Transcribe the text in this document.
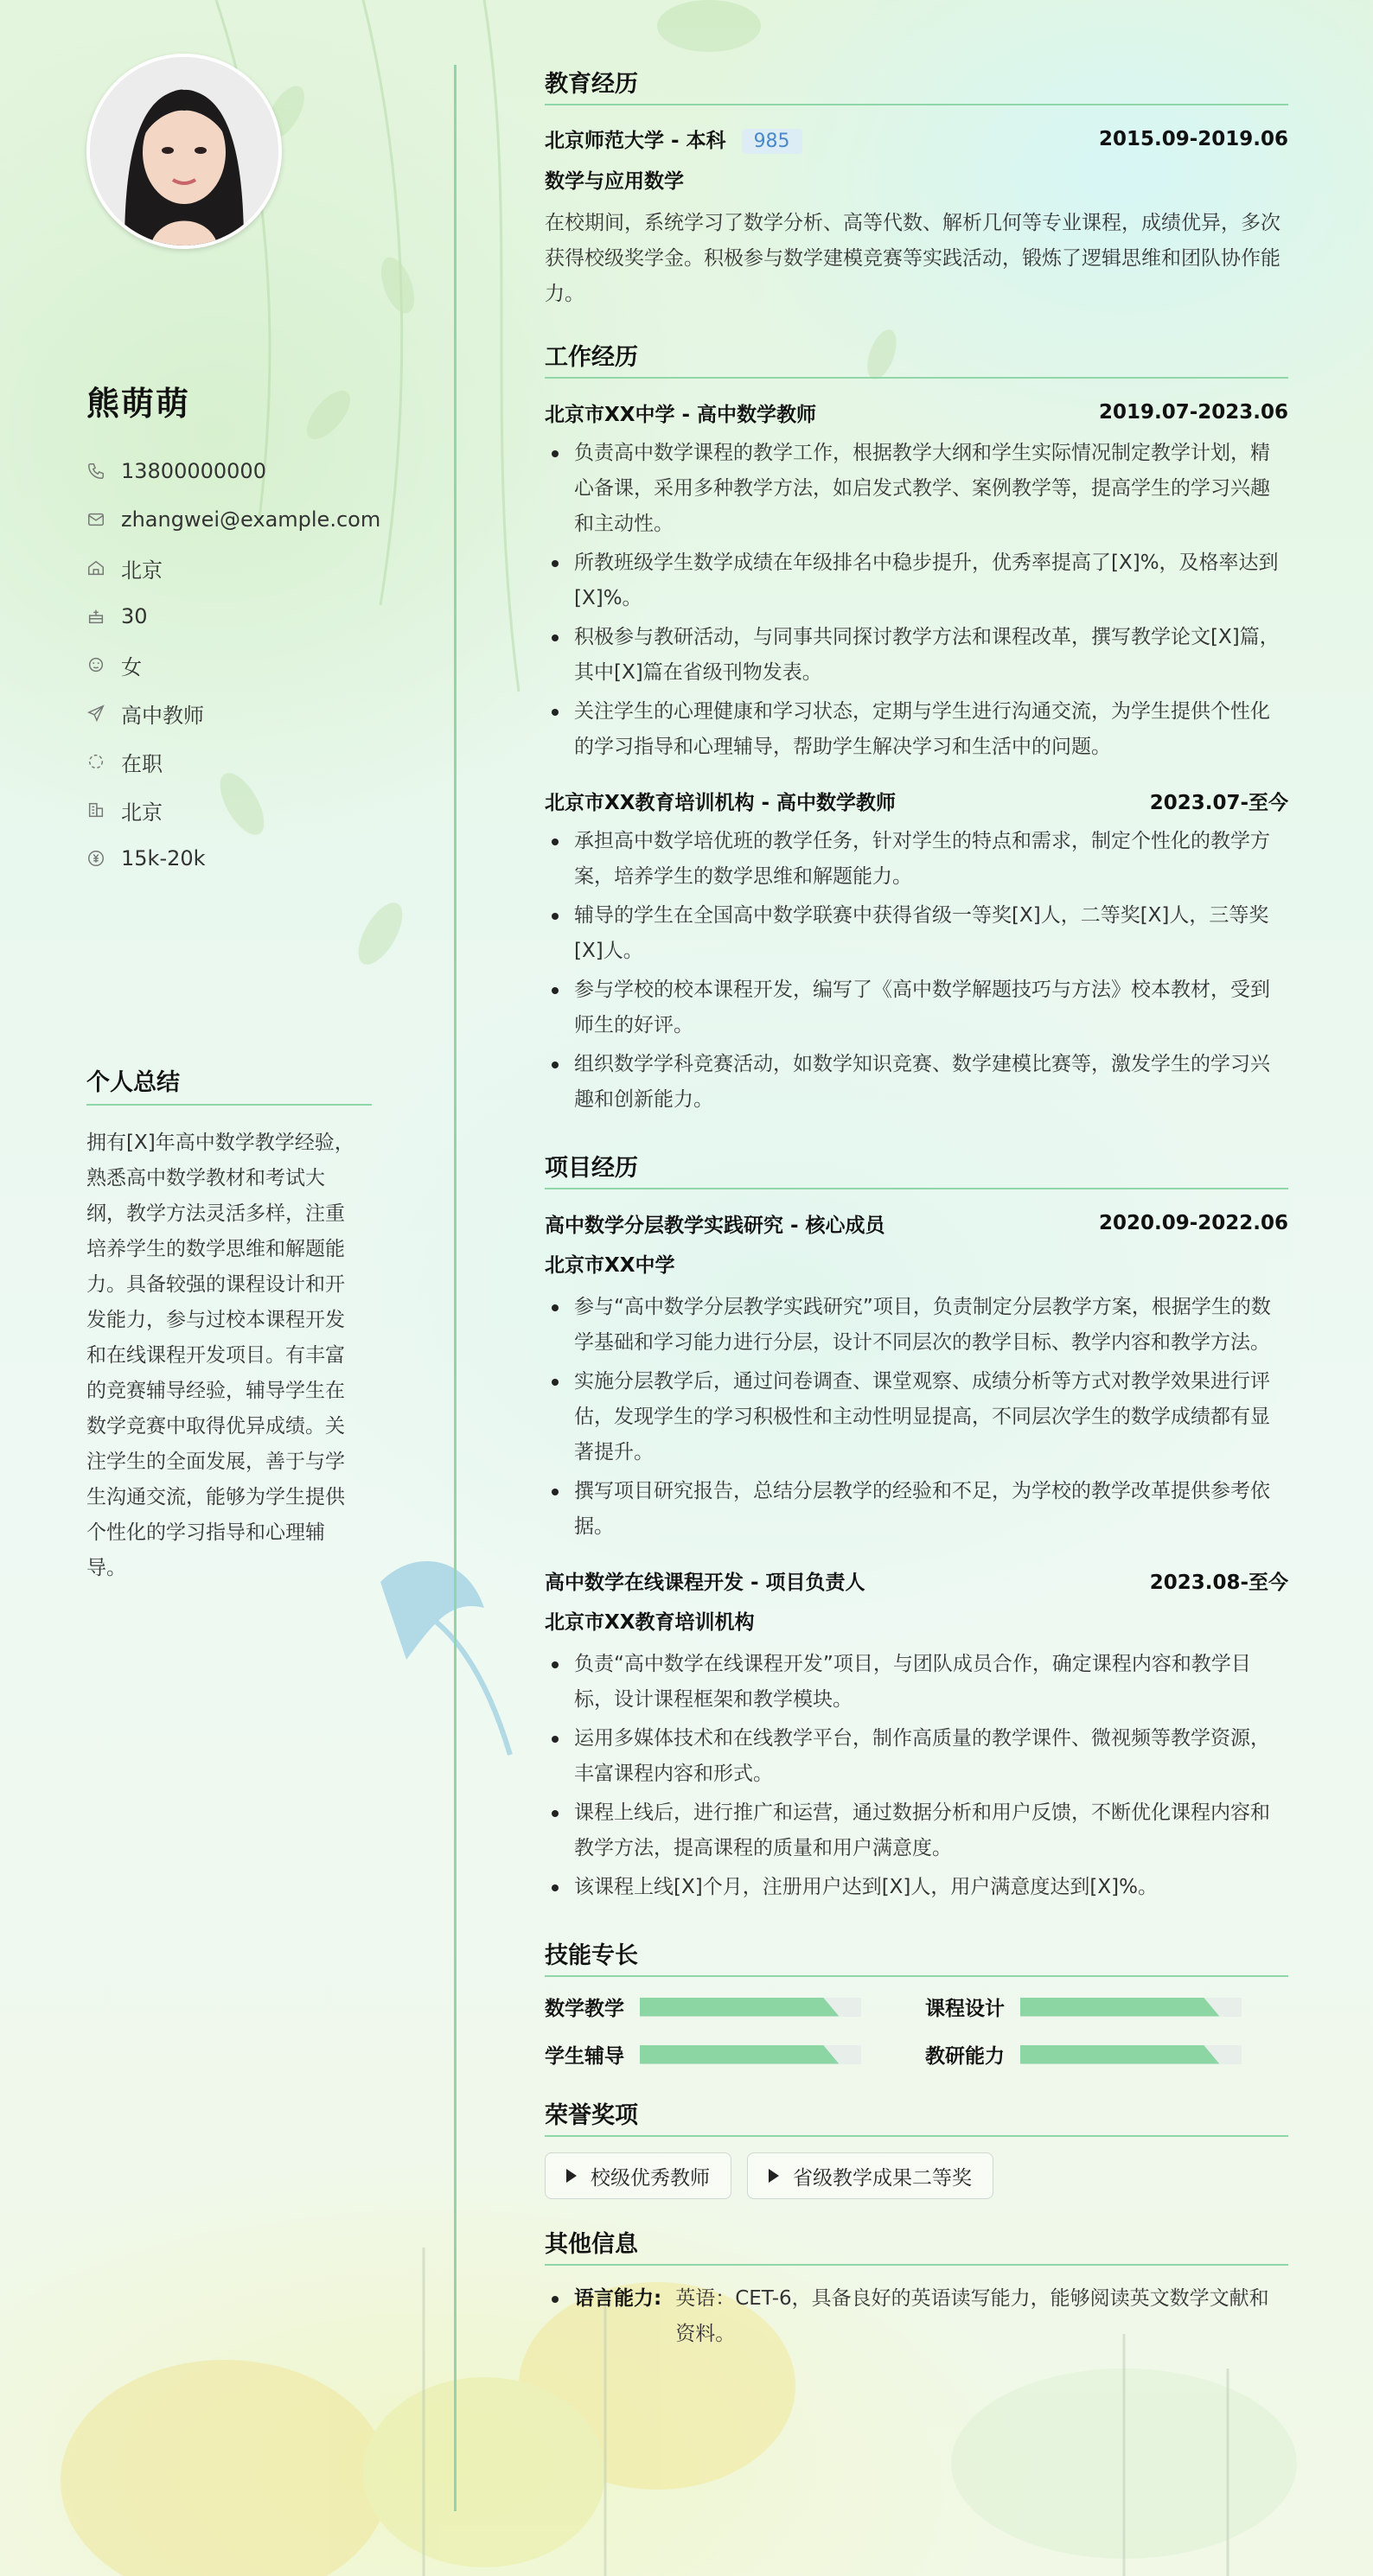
熊萌萌
13800000000
zhangwei@example.com
北京
30
女
高中教师
在职
北京
15k-20k
个人总结
拥有[X]年高中数学教学经验，熟悉高中数学教材和考试大纲，教学方法灵活多样，注重培养学生的数学思维和解题能力。具备较强的课程设计和开发能力，参与过校本课程开发和在线课程开发项目。有丰富的竞赛辅导经验，辅导学生在数学竞赛中取得优异成绩。关注学生的全面发展，善于与学生沟通交流，能够为学生提供个性化的学习指导和心理辅导。
教育经历
北京师范大学 - 本科 985	2015.09-2019.06
数学与应用数学
在校期间，系统学习了数学分析、高等代数、解析几何等专业课程，成绩优异，多次获得校级奖学金。积极参与数学建模竞赛等实践活动，锻炼了逻辑思维和团队协作能力。
工作经历
北京市XX中学 - 高中数学教师	2019.07-2023.06
负责高中数学课程的教学工作，根据教学大纲和学生实际情况制定教学计划，精心备课，采用多种教学方法，如启发式教学、案例教学等，提高学生的学习兴趣和主动性。
所教班级学生数学成绩在年级排名中稳步提升，优秀率提高了[X]%，及格率达到[X]%。
积极参与教研活动，与同事共同探讨教学方法和课程改革，撰写教学论文[X]篇，其中[X]篇在省级刊物发表。
关注学生的心理健康和学习状态，定期与学生进行沟通交流，为学生提供个性化的学习指导和心理辅导，帮助学生解决学习和生活中的问题。
北京市XX教育培训机构 - 高中数学教师	2023.07-至今
承担高中数学培优班的教学任务，针对学生的特点和需求，制定个性化的教学方案，培养学生的数学思维和解题能力。
辅导的学生在全国高中数学联赛中获得省级一等奖[X]人，二等奖[X]人，三等奖[X]人。
参与学校的校本课程开发，编写了《高中数学解题技巧与方法》校本教材，受到师生的好评。
组织数学学科竞赛活动，如数学知识竞赛、数学建模比赛等，激发学生的学习兴趣和创新能力。
项目经历
高中数学分层教学实践研究 - 核心成员	2020.09-2022.06
北京市XX中学
参与“高中数学分层教学实践研究”项目，负责制定分层教学方案，根据学生的数学基础和学习能力进行分层，设计不同层次的教学目标、教学内容和教学方法。
实施分层教学后，通过问卷调查、课堂观察、成绩分析等方式对教学效果进行评估，发现学生的学习积极性和主动性明显提高，不同层次学生的数学成绩都有显著提升。
撰写项目研究报告，总结分层教学的经验和不足，为学校的教学改革提供参考依据。
高中数学在线课程开发 - 项目负责人	2023.08-至今
北京市XX教育培训机构
负责“高中数学在线课程开发”项目，与团队成员合作，确定课程内容和教学目标，设计课程框架和教学模块。
运用多媒体技术和在线教学平台，制作高质量的教学课件、微视频等教学资源，丰富课程内容和形式。
课程上线后，进行推广和运营，通过数据分析和用户反馈，不断优化课程内容和教学方法，提高课程的质量和用户满意度。
该课程上线[X]个月，注册用户达到[X]人，用户满意度达到[X]%。
技能专长
数学教学	课程设计
学生辅导	教研能力
荣誉奖项
校级优秀教师	省级教学成果二等奖
其他信息
语言能力: 英语：CET-6，具备良好的英语读写能力，能够阅读英文数学文献和资料。
